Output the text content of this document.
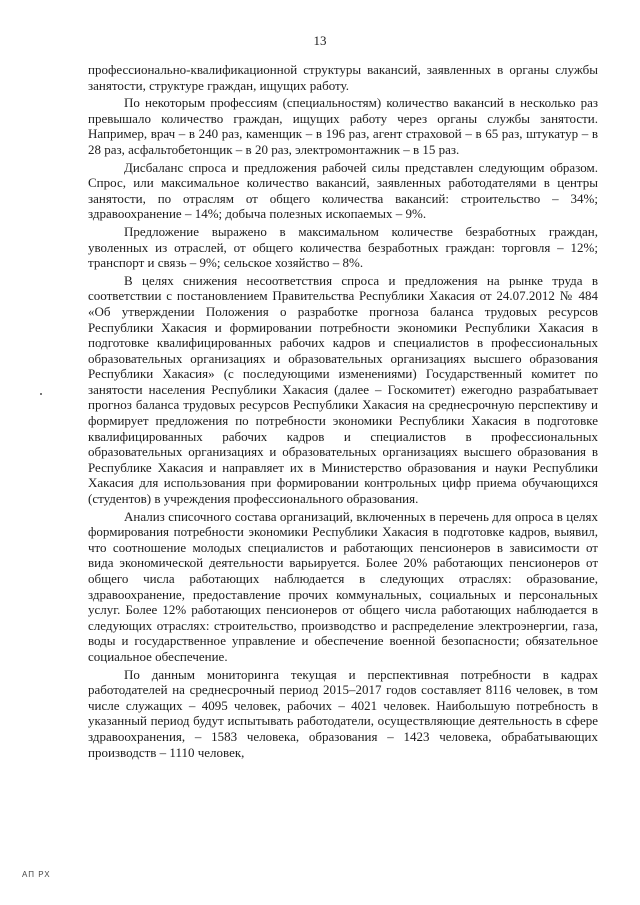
13

профессионально-квалификационной структуры вакансий, заявленных в органы службы занятости, структуре граждан, ищущих работу.

По некоторым профессиям (специальностям) количество вакансий в несколько раз превышало количество граждан, ищущих работу через органы службы занятости. Например, врач – в 240 раз, каменщик – в 196 раз, агент страховой – в 65 раз, штукатур – в 28 раз, асфальтобетонщик – в 20 раз, электромонтажник – в 15 раз.

Дисбаланс спроса и предложения рабочей силы представлен следующим образом. Спрос, или максимальное количество вакансий, заявленных работодателями в центры занятости, по отраслям от общего количества вакансий: строительство – 34%; здравоохранение – 14%; добыча полезных ископаемых – 9%.

Предложение выражено в максимальном количестве безработных граждан, уволенных из отраслей, от общего количества безработных граждан: торговля – 12%; транспорт и связь – 9%; сельское хозяйство – 8%.

В целях снижения несоответствия спроса и предложения на рынке труда в соответствии с постановлением Правительства Республики Хакасия от 24.07.2012 № 484 «Об утверждении Положения о разработке прогноза баланса трудовых ресурсов Республики Хакасия и формировании потребности экономики Республики Хакасия в подготовке квалифицированных рабочих кадров и специалистов в профессиональных образовательных организациях и образовательных организациях высшего образования Республики Хакасия» (с последующими изменениями) Государственный комитет по занятости населения Республики Хакасия (далее – Госкомитет) ежегодно разрабатывает прогноз баланса трудовых ресурсов Республики Хакасия на среднесрочную перспективу и формирует предложения по потребности экономики Республики Хакасия в подготовке квалифицированных рабочих кадров и специалистов в профессиональных образовательных организациях и образовательных организациях высшего образования в Республике Хакасия и направляет их в Министерство образования и науки Республики Хакасия для использования при формировании контрольных цифр приема обучающихся (студентов) в учреждения профессионального образования.

Анализ списочного состава организаций, включенных в перечень для опроса в целях формирования потребности экономики Республики Хакасия в подготовке кадров, выявил, что соотношение молодых специалистов и работающих пенсионеров в зависимости от вида экономической деятельности варьируется. Более 20% работающих пенсионеров от общего числа работающих наблюдается в следующих отраслях: образование, здравоохранение, предоставление прочих коммунальных, социальных и персональных услуг. Более 12% работающих пенсионеров от общего числа работающих наблюдается в следующих отраслях: строительство, производство и распределение электроэнергии, газа, воды и государственное управление и обеспечение военной безопасности; обязательное социальное обеспечение.

По данным мониторинга текущая и перспективная потребности в кадрах работодателей на среднесрочный период 2015–2017 годов составляет 8116 человек, в том числе служащих – 4095 человек, рабочих – 4021 человек. Наибольшую потребность в указанный период будут испытывать работодатели, осуществляющие деятельность в сфере здравоохранения, – 1583 человека, образования – 1423 человека, обрабатывающих производств – 1110 человек,

АП РХ
